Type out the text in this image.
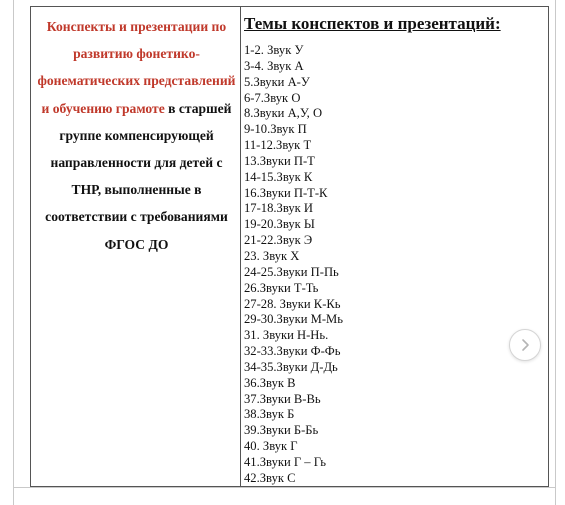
Конспекты и презентации по развитию фонетико-фонематических представлений и обучению грамоте в старшей группе компенсирующей направленности для детей с ТНР, выполненные в соответствии с требованиями ФГОС ДО
Темы конспектов и презентаций:
1-2. Звук У
3-4. Звук А
5.Звуки А-У
6-7.Звук О
8.Звуки А,У, О
9-10.Звук П
11-12.Звук Т
13.Звуки П-Т
14-15.Звук К
16.Звуки П-Т-К
17-18.Звук И
19-20.Звук Ы
21-22.Звук Э
23. Звук Х
24-25.Звуки П-Пь
26.Звуки Т-Ть
27-28. Звуки К-Кь
29-30.Звуки М-Мь
31. Звуки Н-Нь.
32-33.Звуки Ф-Фь
34-35.Звуки Д-Дь
36.Звук В
37.Звуки В-Вь
38.Звук Б
39.Звуки Б-Бь
40. Звук Г
41.Звуки Г – Гь
42.Звук С
